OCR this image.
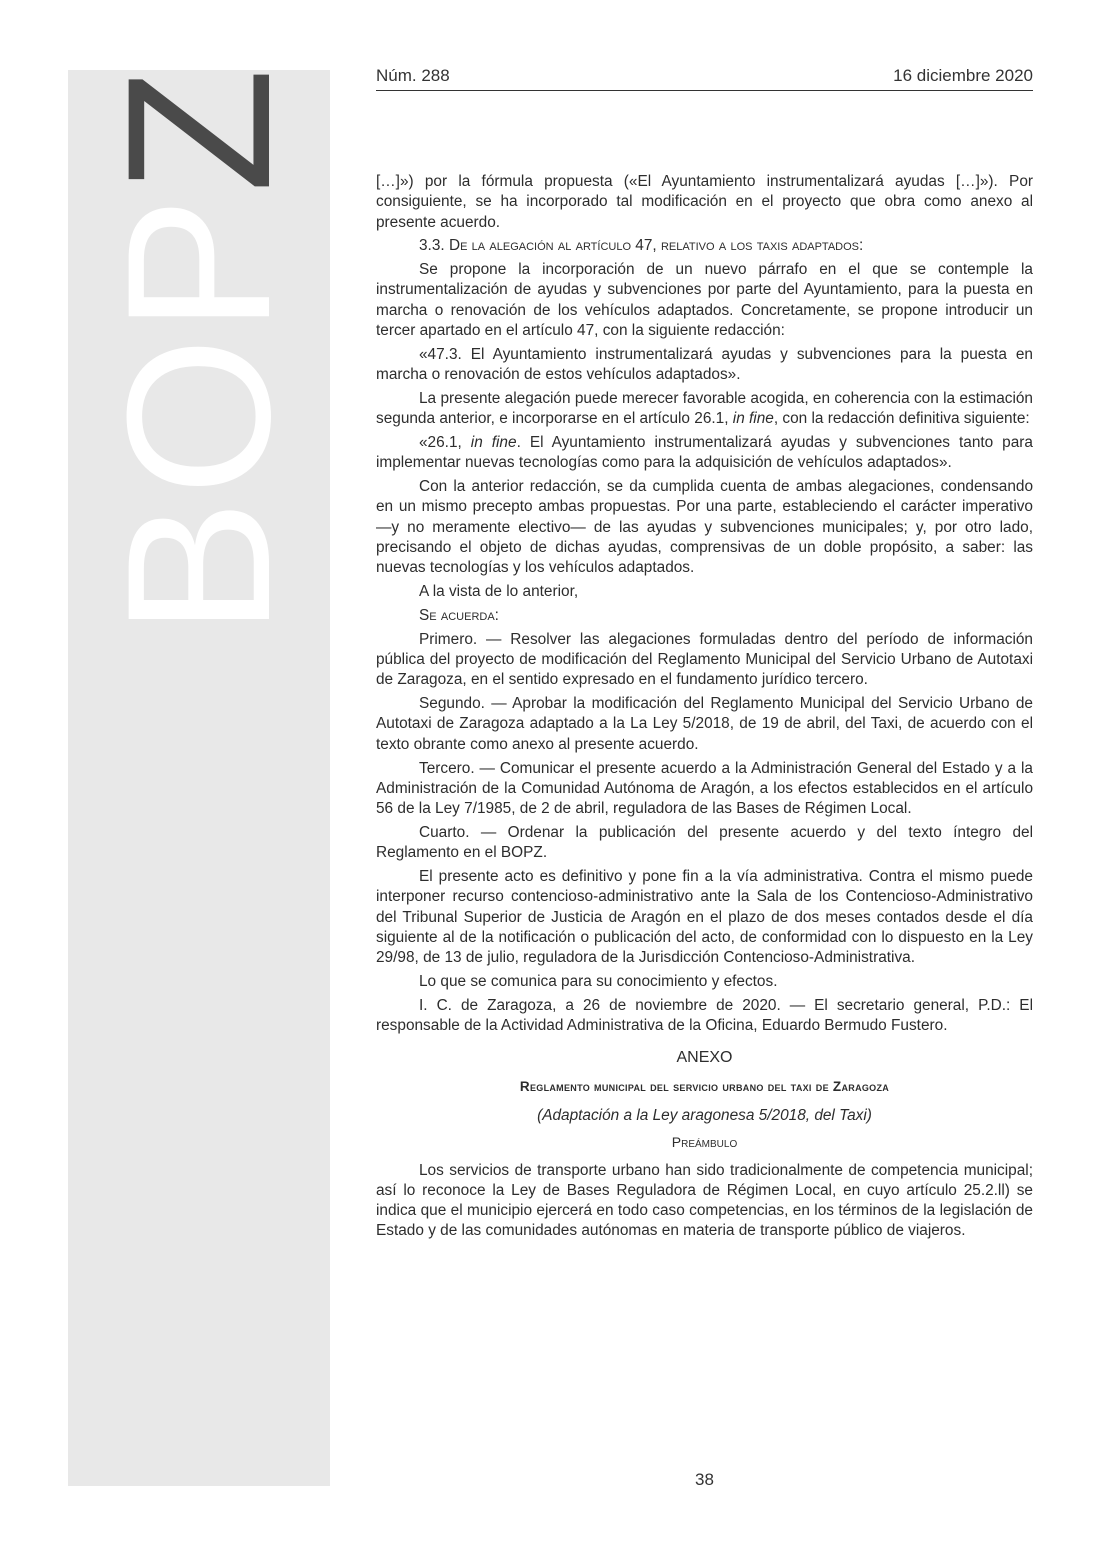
BOPZ	Núm. 288	16 diciembre 2020

[…]») por la fórmula propuesta («El Ayuntamiento instrumentalizará ayudas […]»). Por consiguiente, se ha incorporado tal modificación en el proyecto que obra como anexo al presente acuerdo.

3.3. De la alegación al artículo 47, relativo a los taxis adaptados:

Se propone la incorporación de un nuevo párrafo en el que se contemple la instrumentalización de ayudas y subvenciones por parte del Ayuntamiento, para la puesta en marcha o renovación de los vehículos adaptados. Concretamente, se propone introducir un tercer apartado en el artículo 47, con la siguiente redacción:

«47.3. El Ayuntamiento instrumentalizará ayudas y subvenciones para la puesta en marcha o renovación de estos vehículos adaptados».

La presente alegación puede merecer favorable acogida, en coherencia con la estimación segunda anterior, e incorporarse en el artículo 26.1, in fine, con la redacción definitiva siguiente:

«26.1, in fine. El Ayuntamiento instrumentalizará ayudas y subvenciones tanto para implementar nuevas tecnologías como para la adquisición de vehículos adaptados».

Con la anterior redacción, se da cumplida cuenta de ambas alegaciones, condensando en un mismo precepto ambas propuestas. Por una parte, estableciendo el carácter imperativo —y no meramente electivo— de las ayudas y subvenciones municipales; y, por otro lado, precisando el objeto de dichas ayudas, comprensivas de un doble propósito, a saber: las nuevas tecnologías y los vehículos adaptados.

A la vista de lo anterior,

Se acuerda:

Primero. — Resolver las alegaciones formuladas dentro del período de información pública del proyecto de modificación del Reglamento Municipal del Servicio Urbano de Autotaxi de Zaragoza, en el sentido expresado en el fundamento jurídico tercero.

Segundo. — Aprobar la modificación del Reglamento Municipal del Servicio Urbano de Autotaxi de Zaragoza adaptado a la La Ley 5/2018, de 19 de abril, del Taxi, de acuerdo con el texto obrante como anexo al presente acuerdo.

Tercero. — Comunicar el presente acuerdo a la Administración General del Estado y a la Administración de la Comunidad Autónoma de Aragón, a los efectos establecidos en el artículo 56 de la Ley 7/1985, de 2 de abril, reguladora de las Bases de Régimen Local.

Cuarto. — Ordenar la publicación del presente acuerdo y del texto íntegro del Reglamento en el BOPZ.

El presente acto es definitivo y pone fin a la vía administrativa. Contra el mismo puede interponer recurso contencioso-administrativo ante la Sala de los Contencioso-Administrativo del Tribunal Superior de Justicia de Aragón en el plazo de dos meses contados desde el día siguiente al de la notificación o publicación del acto, de conformidad con lo dispuesto en la Ley 29/98, de 13 de julio, reguladora de la Jurisdicción Contencioso-Administrativa.

Lo que se comunica para su conocimiento y efectos.

I. C. de Zaragoza, a 26 de noviembre de 2020. — El secretario general, P.D.: El responsable de la Actividad Administrativa de la Oficina, Eduardo Bermudo Fustero.

ANEXO

Reglamento municipal del servicio urbano del taxi de Zaragoza

(Adaptación a la Ley aragonesa 5/2018, del Taxi)

Preámbulo

Los servicios de transporte urbano han sido tradicionalmente de competencia municipal; así lo reconoce la Ley de Bases Reguladora de Régimen Local, en cuyo artículo 25.2.ll) se indica que el municipio ejercerá en todo caso competencias, en los términos de la legislación de Estado y de las comunidades autónomas en materia de transporte público de viajeros.

38
